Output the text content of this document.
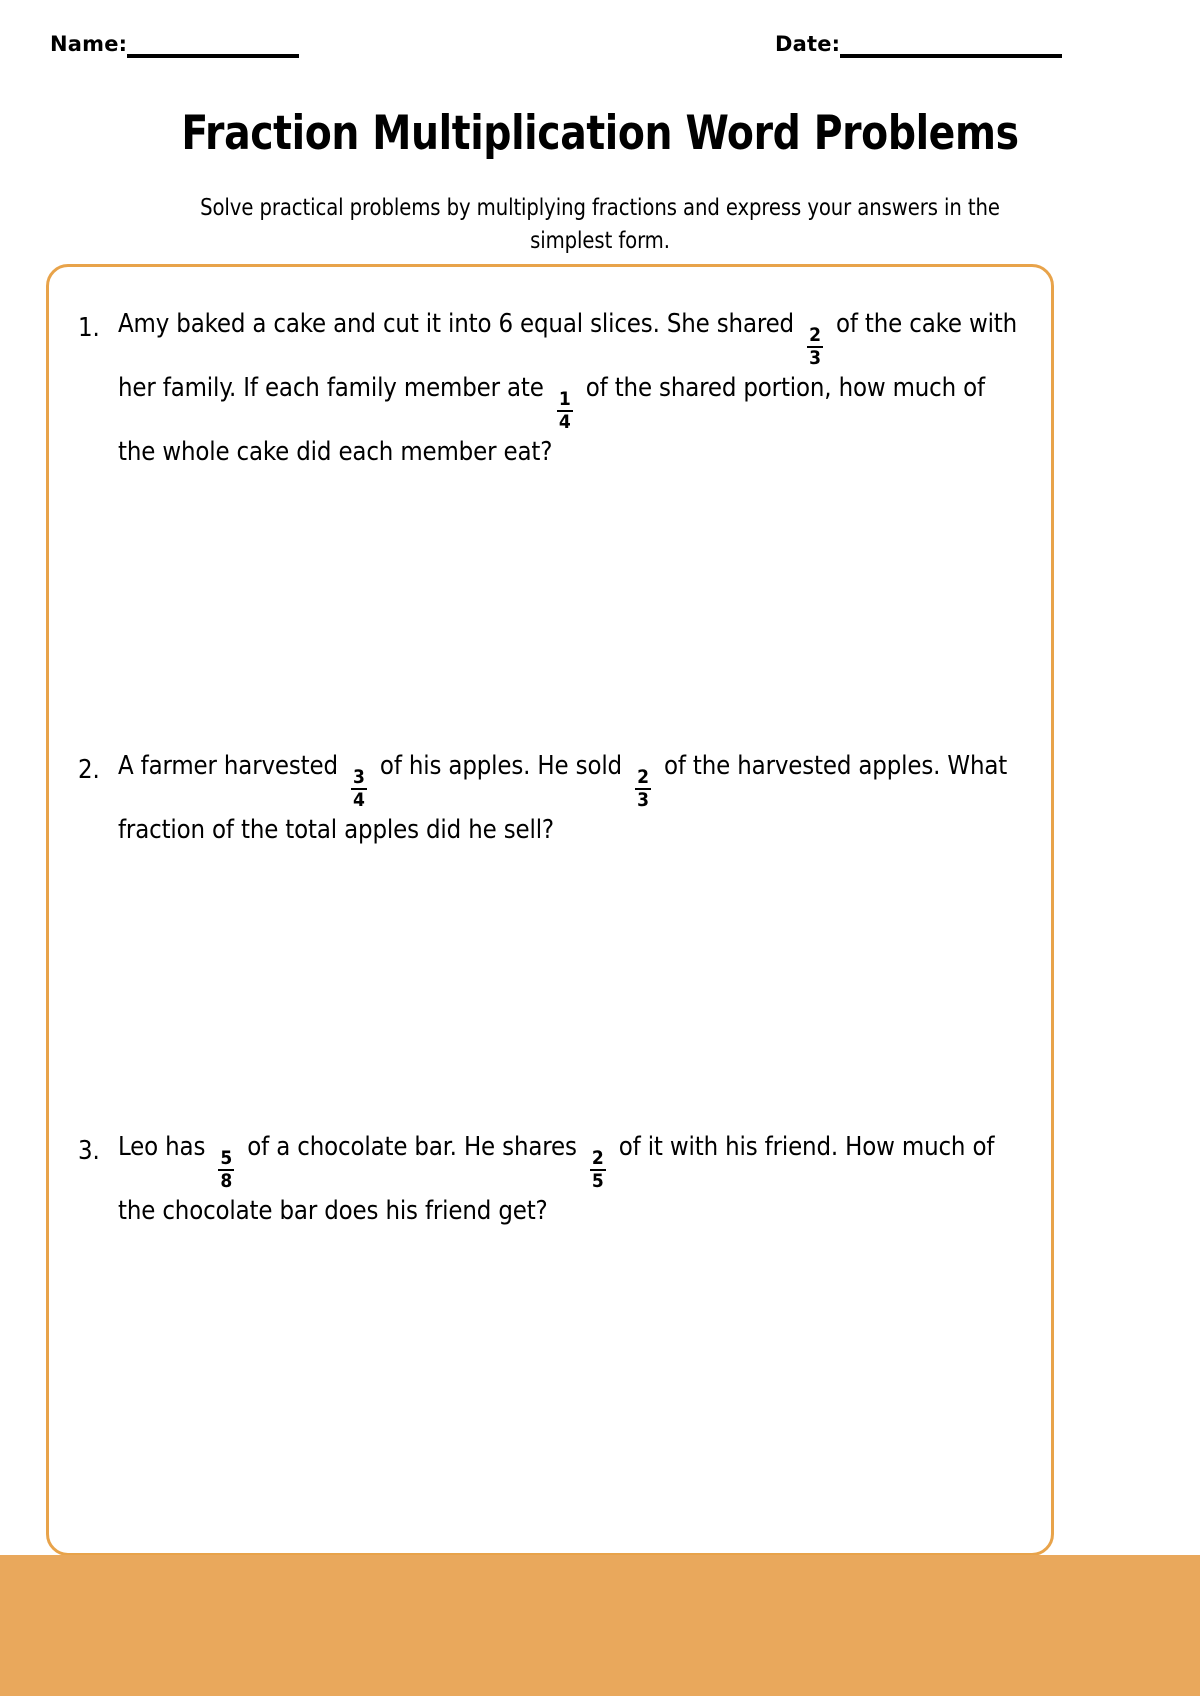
Name:	Date:
Fraction Multiplication Word Problems
Solve practical problems by multiplying fractions and express your answers in the simplest form.
1. Amy baked a cake and cut it into 6 equal slices. She shared
$\frac{2}{3}$
of the cake with her family. If each family member ate
$\frac{1}{4}$
of the shared portion, how much of the whole cake did each member eat?
2. A farmer harvested
$\frac{3}{4}$
of his apples. He sold
$\frac{2}{3}$
of the harvested apples. What fraction of the total apples did he sell?
3. Leo has
$\frac{5}{8}$
of a chocolate bar. He shares
$\frac{2}{5}$
of it with his friend. How much of the chocolate bar does his friend get?
